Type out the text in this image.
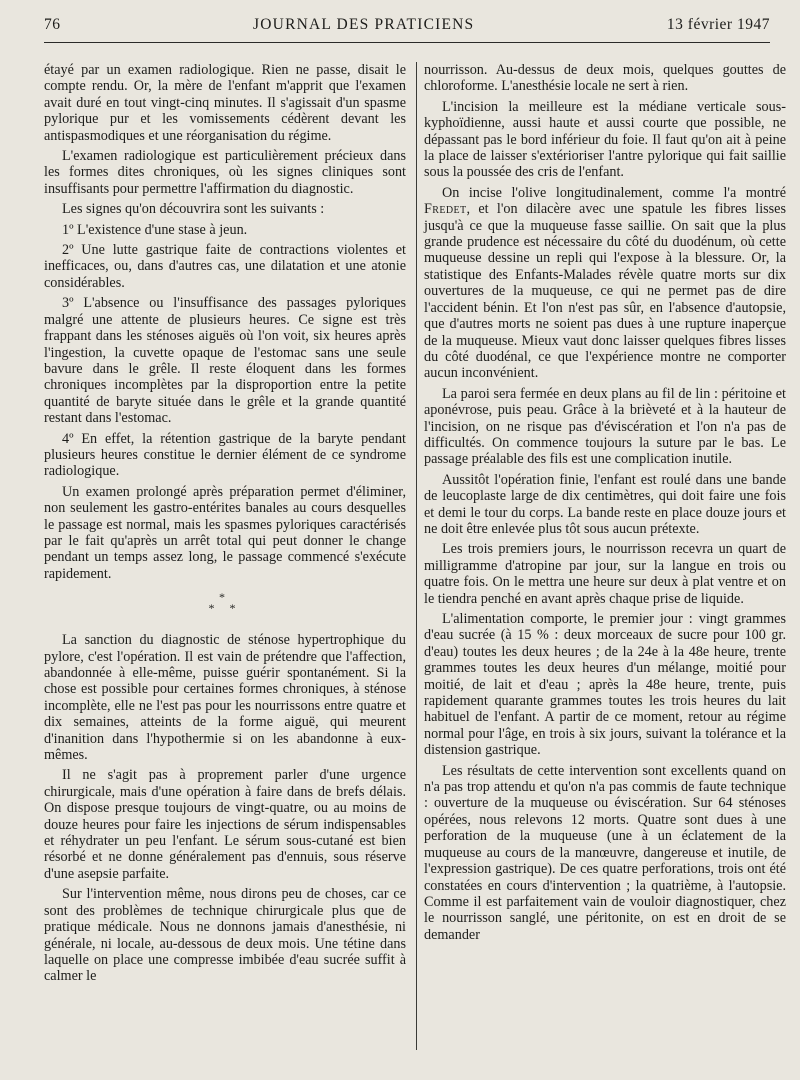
76	JOURNAL DES PRATICIENS	13 février 1947

étayé par un examen radiologique. Rien ne passe, disait le compte rendu. Or, la mère de l'enfant m'apprit que l'examen avait duré en tout vingt-cinq minutes. Il s'agissait d'un spasme pylorique pur et les vomissements cédèrent devant les antispasmodiques et une réorganisation du régime.

L'examen radiologique est particulièrement précieux dans les formes dites chroniques, où les signes cliniques sont insuffisants pour permettre l'affirmation du diagnostic.

Les signes qu'on découvrira sont les suivants :

1º L'existence d'une stase à jeun.

2º Une lutte gastrique faite de contractions violentes et inefficaces, ou, dans d'autres cas, une dilatation et une atonie considérables.

3º L'absence ou l'insuffisance des passages pyloriques malgré une attente de plusieurs heures. Ce signe est très frappant dans les sténoses aiguës où l'on voit, six heures après l'ingestion, la cuvette opaque de l'estomac sans une seule bavure dans le grêle. Il reste éloquent dans les formes chroniques incomplètes par la disproportion entre la petite quantité de baryte située dans le grêle et la grande quantité restant dans l'estomac.

4º En effet, la rétention gastrique de la baryte pendant plusieurs heures constitue le dernier élément de ce syndrome radiologique.

Un examen prolongé après préparation permet d'éliminer, non seulement les gastro-entérites banales au cours desquelles le passage est normal, mais les spasmes pyloriques caractérisés par le fait qu'après un arrêt total qui peut donner le change pendant un temps assez long, le passage commencé s'exécute rapidement.

*
* *

La sanction du diagnostic de sténose hypertrophique du pylore, c'est l'opération. Il est vain de prétendre que l'affection, abandonnée à elle-même, puisse guérir spontanément. Si la chose est possible pour certaines formes chroniques, à sténose incomplète, elle ne l'est pas pour les nourrissons entre quatre et dix semaines, atteints de la forme aiguë, qui meurent d'inanition dans l'hypothermie si on les abandonne à eux-mêmes.

Il ne s'agit pas à proprement parler d'une urgence chirurgicale, mais d'une opération à faire dans de brefs délais. On dispose presque toujours de vingt-quatre, ou au moins de douze heures pour faire les injections de sérum indispensables et réhydrater un peu l'enfant. Le sérum sous-cutané est bien résorbé et ne donne généralement pas d'ennuis, sous réserve d'une asepsie parfaite.

Sur l'intervention même, nous dirons peu de choses, car ce sont des problèmes de technique chirurgicale plus que de pratique médicale. Nous ne donnons jamais d'anesthésie, ni générale, ni locale, au-dessous de deux mois. Une tétine dans laquelle on place une compresse imbibée d'eau sucrée suffit à calmer le

nourrisson. Au-dessus de deux mois, quelques gouttes de chloroforme. L'anesthésie locale ne sert à rien.

L'incision la meilleure est la médiane verticale sous-kyphoïdienne, aussi haute et aussi courte que possible, ne dépassant pas le bord inférieur du foie. Il faut qu'on ait à peine la place de laisser s'extérioriser l'antre pylorique qui fait saillie sous la poussée des cris de l'enfant.

On incise l'olive longitudinalement, comme l'a montré Fredet, et l'on dilacère avec une spatule les fibres lisses jusqu'à ce que la muqueuse fasse saillie. On sait que la plus grande prudence est nécessaire du côté du duodénum, où cette muqueuse dessine un repli qui l'expose à la blessure. Or, la statistique des Enfants-Malades révèle quatre morts sur dix ouvertures de la muqueuse, ce qui ne permet pas de dire l'accident bénin. Et l'on n'est pas sûr, en l'absence d'autopsie, que d'autres morts ne soient pas dues à une rupture inaperçue de la muqueuse. Mieux vaut donc laisser quelques fibres lisses du côté duodénal, ce que l'expérience montre ne comporter aucun inconvénient.

La paroi sera fermée en deux plans au fil de lin : péritoine et aponévrose, puis peau. Grâce à la brièveté et à la hauteur de l'incision, on ne risque pas d'éviscération et l'on n'a pas de difficultés. On commence toujours la suture par le bas. Le passage préalable des fils est une complication inutile.

Aussitôt l'opération finie, l'enfant est roulé dans une bande de leucoplaste large de dix centimètres, qui doit faire une fois et demi le tour du corps. La bande reste en place douze jours et ne doit être enlevée plus tôt sous aucun prétexte.

Les trois premiers jours, le nourrisson recevra un quart de milligramme d'atropine par jour, sur la langue en trois ou quatre fois. On le mettra une heure sur deux à plat ventre et on le tiendra penché en avant après chaque prise de liquide.

L'alimentation comporte, le premier jour : vingt grammes d'eau sucrée (à 15 % : deux morceaux de sucre pour 100 gr. d'eau) toutes les deux heures ; de la 24e à la 48e heure, trente grammes toutes les deux heures d'un mélange, moitié pour moitié, de lait et d'eau ; après la 48e heure, trente, puis rapidement quarante grammes toutes les trois heures du lait habituel de l'enfant. A partir de ce moment, retour au régime normal pour l'âge, en trois à six jours, suivant la tolérance et la distension gastrique.

Les résultats de cette intervention sont excellents quand on n'a pas trop attendu et qu'on n'a pas commis de faute technique : ouverture de la muqueuse ou éviscération. Sur 64 sténoses opérées, nous relevons 12 morts. Quatre sont dues à une perforation de la muqueuse (une à un éclatement de la muqueuse au cours de la manœuvre, dangereuse et inutile, de l'expression gastrique). De ces quatre perforations, trois ont été constatées en cours d'intervention ; la quatrième, à l'autopsie. Comme il est parfaitement vain de vouloir diagnostiquer, chez le nourrisson sanglé, une péritonite, on est en droit de se demander
